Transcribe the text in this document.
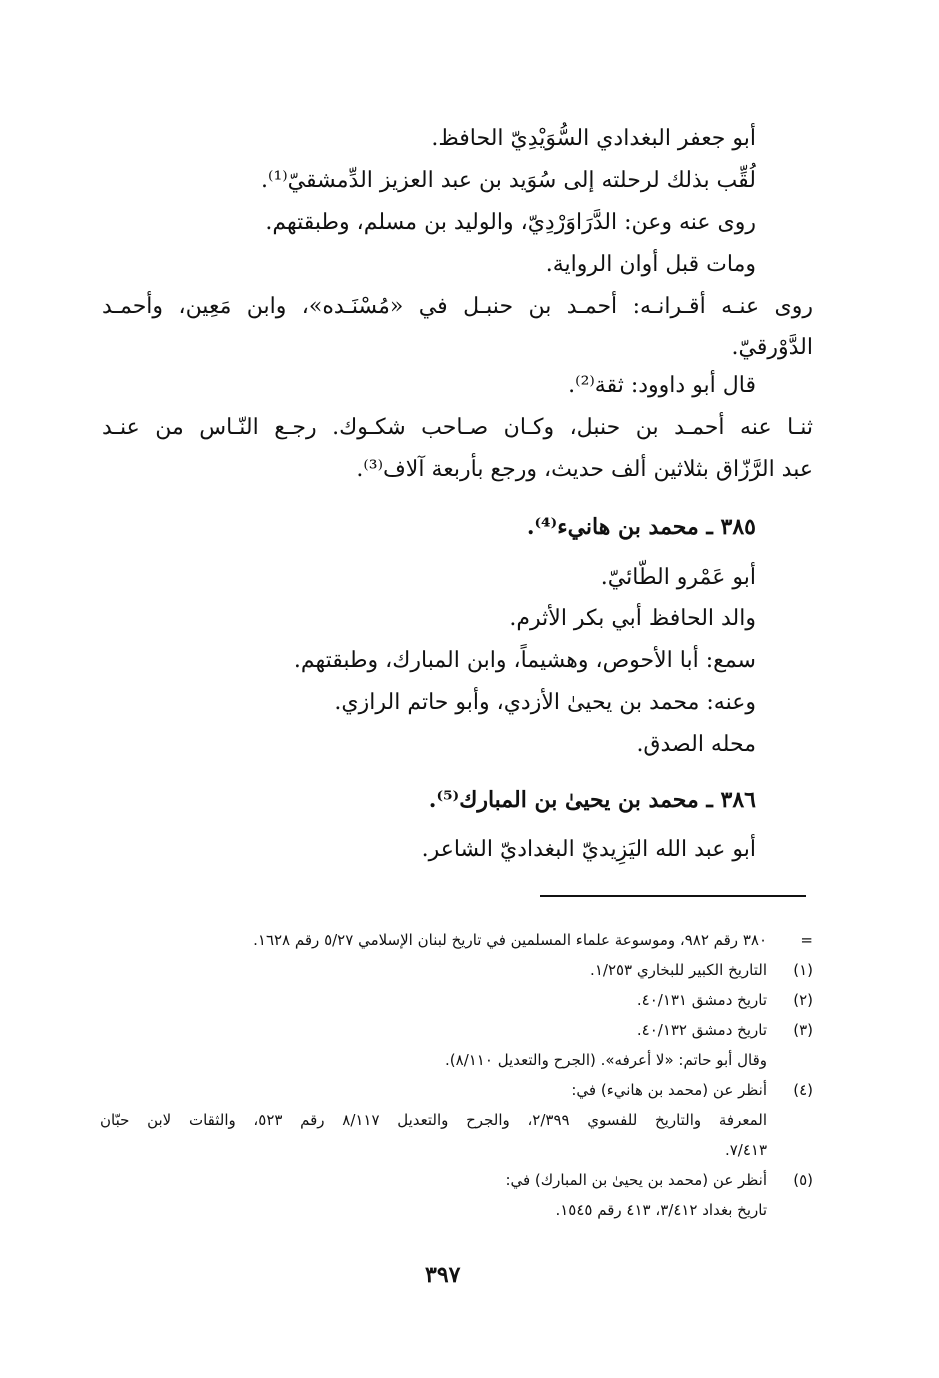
أبو جعفر البغدادي السُّوَيْدِيّ الحافظ.
لُقِّب بذلك لرحلته إلى سُوَيد بن عبد العزيز الدِّمشقيّ⁽¹⁾.
روى عنه وعن: الدَّرَاوَرْدِيّ، والوليد بن مسلم، وطبقتهم.
ومات قبل أوان الرواية.
روى عنـه أقـرانـه: أحمـد بن حنبـل في «مُسْنَـده»، وابن مَعِين، وأحمـد
الدَّوْرقيّ.
قال أبو داوود: ثقة⁽²⁾.
ثنـا عنه أحمـد بن حنبل، وكـان صـاحب شكـوك. رجـع النّـاس من عنـد
عبد الرَّزّاق بثلاثين ألف حديث، ورجع بأربعة آلاف⁽³⁾.
٣٨٥ ـ محمد بن هانيء⁽⁴⁾.
أبو عَمْرو الطّائيّ.
والد الحافظ أبي بكر الأثرم.
سمع: أبا الأحوص، وهشيماً، وابن المبارك، وطبقتهم.
وعنه: محمد بن يحيىٰ الأزدي، وأبو حاتم الرازي.
محله الصدق.
٣٨٦ ـ محمد بن يحيىٰ بن المبارك⁽⁵⁾.
أبو عبد الله اليَزِيديّ البغداديّ الشاعر.
=
٣٨٠ رقم ٩٨٢، وموسوعة علماء المسلمين في تاريخ لبنان الإسلامي ٥/٢٧ رقم ١٦٢٨.
(١)
التاريخ الكبير للبخاري ١/٢٥٣.
(٢)
تاريخ دمشق ٤٠/١٣١.
(٣)
تاريخ دمشق ٤٠/١٣٢.
وقال أبو حاتم: «لا أعرفه». (الجرح والتعديل ٨/١١٠).
(٤)
أنظر عن (محمد بن هانيء) في:
المعرفة والتاريخ للفسوي ٢/٣٩٩، والجرح والتعديل ٨/١١٧ رقم ٥٢٣، والثقات لابن حبّان
٧/٤١٣.
(٥)
أنظر عن (محمد بن يحيىٰ بن المبارك) في:
تاريخ بغداد ٣/٤١٢، ٤١٣ رقم ١٥٤٥.
٣٩٧
